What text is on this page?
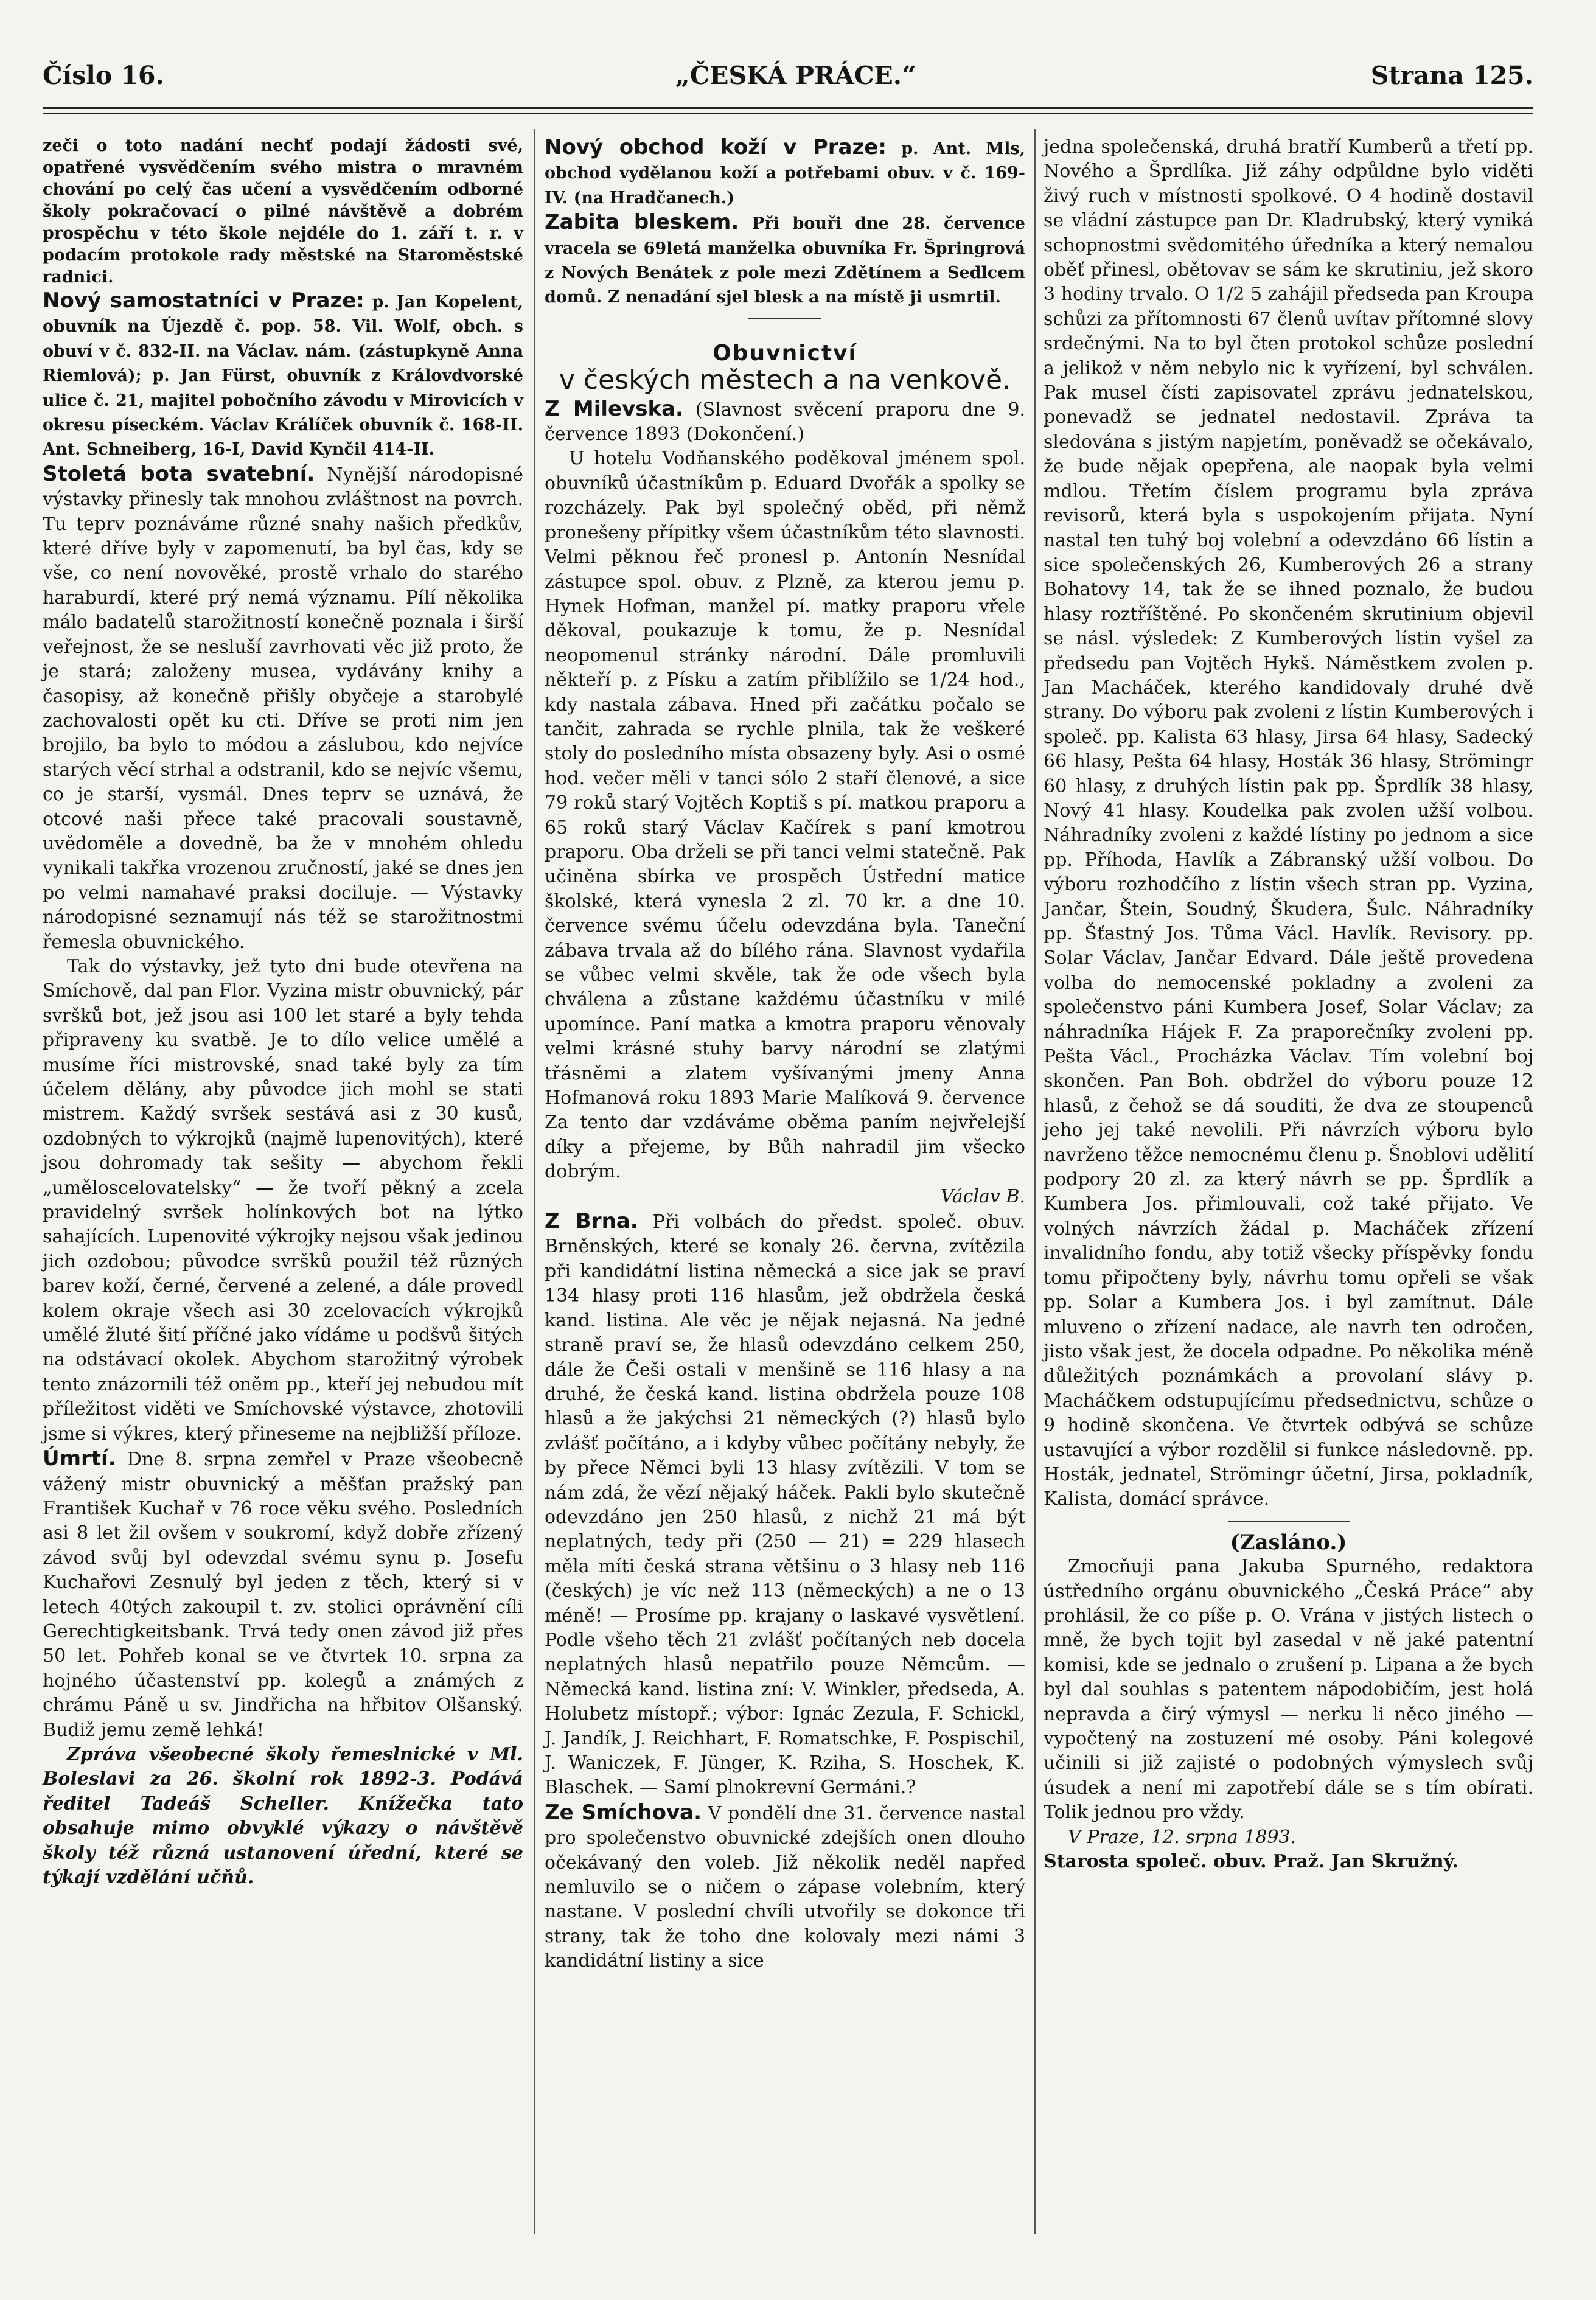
Číslo 16.	„ČESKÁ PRÁCE.“	Strana 125.

zeči o toto nadání nechť podají žádosti své, opatřené vysvědčením svého mistra o mravném chování po celý čas učení a vysvědčením odborné školy pokračovací o pilné návštěvě a dobrém prospěchu v této škole nejdéle do 1. září t. r. v podacím protokole rady městské na Staroměstské radnici.

Nový samostatníci v Praze: p. Jan Kopelent, obuvník na Újezdě č. pop. 58. Vil. Wolf, obch. s obuví v č. 832-II. na Václav. nám. (zástupkyně Anna Riemlová); p. Jan Fürst, obuvník z Královdvorské ulice č. 21, majitel pobočního závodu v Mirovicích v okresu píseckém. Václav Králíček obuvník č. 168-II. Ant. Schneiberg, 16-I, David Kynčil 414-II.

Stoletá bota svatební. Nynější národopisné výstavky přinesly tak mnohou zvláštnost na povrch. Tu teprv poznáváme různé snahy našich předkův, které dříve byly v zapomenutí, ba byl čas, kdy se vše, co není novověké, prostě vrhalo do starého haraburdí, které prý nemá významu. Pílí několika málo badatelů starožitností konečně poznala i širší veřejnost, že se nesluší zavrhovati věc již proto, že je stará; založeny musea, vydávány knihy a časopisy, až konečně přišly obyčeje a starobylé zachovalosti opět ku cti. Dříve se proti nim jen brojilo, ba bylo to módou a záslubou, kdo nejvíce starých věcí strhal a odstranil, kdo se nejvíc všemu, co je starší, vysmál. Dnes teprv se uznává, že otcové naši přece také pracovali soustavně, uvědoměle a dovedně, ba že v mnohém ohledu vynikali takřka vrozenou zručností, jaké se dnes jen po velmi namahavé praksi dociluje. — Výstavky národopisné seznamují nás též se starožitnostmi řemesla obuvnického.

Tak do výstavky, jež tyto dni bude otevřena na Smíchově, dal pan Flor. Vyzina mistr obuvnický, pár svršků bot, jež jsou asi 100 let staré a byly tehda připraveny ku svatbě. Je to dílo velice umělé a musíme říci mistrovské, snad také byly za tím účelem dělány, aby původce jich mohl se stati mistrem. Každý svršek sestává asi z 30 kusů, ozdobných to výkrojků (najmě lupenovitých), které jsou dohromady tak sešity — abychom řekli „uměloscelovatelsky“ — že tvoří pěkný a zcela pravidelný svršek holínkových bot na lýtko sahajících. Lupenovité výkrojky nejsou však jedinou jich ozdobou; původce svršků použil též různých barev koží, černé, červené a zelené, a dále provedl kolem okraje všech asi 30 zcelovacích výkrojků umělé žluté šití příčné jako vídáme u podšvů šitých na odstávací okolek. Abychom starožitný výrobek tento znázornili též oněm pp., kteří jej nebudou mít příležitost viděti ve Smíchovské výstavce, zhotovili jsme si výkres, který přineseme na nejbližší příloze.

Úmrtí. Dne 8. srpna zemřel v Praze všeobecně vážený mistr obuvnický a měšťan pražský pan František Kuchař v 76 roce věku svého. Posledních asi 8 let žil ovšem v soukromí, když dobře zřízený závod svůj byl odevzdal svému synu p. Josefu Kuchařovi Zesnulý byl jeden z těch, který si v letech 40tých zakoupil t. zv. stolici oprávnění cíli Gerechtigkeitsbank. Trvá tedy onen závod již přes 50 let. Pohřeb konal se ve čtvrtek 10. srpna za hojného účastenství pp. kolegů a známých z chrámu Páně u sv. Jindřicha na hřbitov Olšanský. Budiž jemu země lehká!

Zpráva všeobecné školy řemeslnické v Ml. Boleslavi za 26. školní rok 1892-3. Podává ředitel Tadeáš Scheller. Knížečka tato obsahuje mimo obvyklé výkazy o návštěvě školy též různá ustanovení úřední, které se týkají vzdělání učňů.

Nový obchod koží v Praze: p. Ant. Mls, obchod vydělanou koží a potřebami obuv. v č. 169-IV. (na Hradčanech.)

Zabita bleskem. Při bouři dne 28. července vracela se 69letá manželka obuvníka Fr. Špringrová z Nových Benátek z pole mezi Zdětínem a Sedlcem domů. Z nenadání sjel blesk a na místě ji usmrtil.

Obuvnictví
v českých městech a na venkově.

Z Milevska. (Slavnost svěcení praporu dne 9. července 1893 (Dokončení.)

U hotelu Vodňanského poděkoval jménem spol. obuvníků účastníkům p. Eduard Dvořák a spolky se rozcházely. Pak byl společný oběd, při němž pronešeny přípitky všem účastníkům této slavnosti. Velmi pěknou řeč pronesl p. Antonín Nesnídal zástupce spol. obuv. z Plzně, za kterou jemu p. Hynek Hofman, manžel pí. matky praporu vřele děkoval, poukazuje k tomu, že p. Nesnídal neopomenul stránky národní. Dále promluvili někteří p. z Písku a zatím přiblížilo se 1/24 hod., kdy nastala zábava. Hned při začátku počalo se tančit, zahrada se rychle plnila, tak že veškeré stoly do posledního místa obsazeny byly. Asi o osmé hod. večer měli v tanci sólo 2 staří členové, a sice 79 roků starý Vojtěch Koptiš s pí. matkou praporu a 65 roků starý Václav Kačírek s paní kmotrou praporu. Oba drželi se při tanci velmi statečně. Pak učiněna sbírka ve prospěch Ústřední matice školské, která vynesla 2 zl. 70 kr. a dne 10. července svému účelu odevzdána byla. Taneční zábava trvala až do bílého rána. Slavnost vydařila se vůbec velmi skvěle, tak že ode všech byla chválena a zůstane každému účastníku v milé upomínce. Paní matka a kmotra praporu věnovaly velmi krásné stuhy barvy národní se zlatými třásněmi a zlatem vyšívanými jmeny Anna Hofmanová roku 1893 Marie Malíková 9. července Za tento dar vzdáváme oběma paním nejvřelejší díky a přejeme, by Bůh nahradil jim všecko dobrým.

Václav B.

Z Brna. Při volbách do předst. společ. obuv. Brněnských, které se konaly 26. června, zvítězila při kandidátní listina německá a sice jak se praví 134 hlasy proti 116 hlasům, jež obdržela česká kand. listina. Ale věc je nějak nejasná. Na jedné straně praví se, že hlasů odevzdáno celkem 250, dále že Češi ostali v menšině se 116 hlasy a na druhé, že česká kand. listina obdržela pouze 108 hlasů a že jakýchsi 21 německých (?) hlasů bylo zvlášť počítáno, a i kdyby vůbec počítány nebyly, že by přece Němci byli 13 hlasy zvítězili. V tom se nám zdá, že vězí nějaký háček. Pakli bylo skutečně odevzdáno jen 250 hlasů, z nichž 21 má být neplatných, tedy při (250 — 21) = 229 hlasech měla míti česká strana většinu o 3 hlasy neb 116 (českých) je víc než 113 (německých) a ne o 13 méně! — Prosíme pp. krajany o laskavé vysvětlení. Podle všeho těch 21 zvlášť počítaných neb docela neplatných hlasů nepatřilo pouze Němcům. — Německá kand. listina zní: V. Winkler, předseda, A. Holubetz místopř.; výbor: Ignác Zezula, F. Schickl, J. Jandík, J. Reichhart, F. Romatschke, F. Pospischil, J. Waniczek, F. Jünger, K. Rziha, S. Hoschek, K. Blaschek. — Samí plnokrevní Germáni.?

Ze Smíchova. V pondělí dne 31. července nastal pro společenstvo obuvnické zdejších onen dlouho očekávaný den voleb. Již několik neděl napřed nemluvilo se o ničem o zápase volebním, který nastane. V poslední chvíli utvořily se dokonce tři strany, tak že toho dne kolovaly mezi námi 3 kandidátní listiny a sice

jedna společenská, druhá bratří Kumberů a třetí pp. Nového a Šprdlíka. Již záhy odpůldne bylo viděti živý ruch v místnosti spolkové. O 4 hodině dostavil se vládní zástupce pan Dr. Kladrubský, který vyniká schopnostmi svědomitého úředníka a který nemalou oběť přinesl, obětovav se sám ke skrutiniu, jež skoro 3 hodiny trvalo. O 1/2 5 zahájil předseda pan Kroupa schůzi za přítomnosti 67 členů uvítav přítomné slovy srdečnými. Na to byl čten protokol schůze poslední a jelikož v něm nebylo nic k vyřízení, byl schválen. Pak musel čísti zapisovatel zprávu jednatelskou, ponevadž se jednatel nedostavil. Zpráva ta sledována s jistým napjetím, poněvadž se očekávalo, že bude nějak opepřena, ale naopak byla velmi mdlou. Třetím číslem programu byla zpráva revisorů, která byla s uspokojením přijata. Nyní nastal ten tuhý boj volební a odevzdáno 66 lístin a sice společenských 26, Kumberových 26 a strany Bohatovy 14, tak že se ihned poznalo, že budou hlasy roztříštěné. Po skončeném skrutinium objevil se násl. výsledek: Z Kumberových lístin vyšel za předsedu pan Vojtěch Hykš. Náměstkem zvolen p. Jan Macháček, kterého kandidovaly druhé dvě strany. Do výboru pak zvoleni z lístin Kumberových i společ. pp. Kalista 63 hlasy, Jirsa 64 hlasy, Sadecký 66 hlasy, Pešta 64 hlasy, Hosták 36 hlasy, Strömingr 60 hlasy, z druhých lístin pak pp. Šprdlík 38 hlasy, Nový 41 hlasy. Koudelka pak zvolen užší volbou. Náhradníky zvoleni z každé lístiny po jednom a sice pp. Příhoda, Havlík a Zábranský užší volbou. Do výboru rozhodčího z lístin všech stran pp. Vyzina, Jančar, Štein, Soudný, Škudera, Šulc. Náhradníky pp. Šťastný Jos. Tůma Václ. Havlík. Revisory. pp. Solar Václav, Jančar Edvard. Dále ještě provedena volba do nemocenské pokladny a zvoleni za společenstvo páni Kumbera Josef, Solar Václav; za náhradníka Hájek F. Za praporečníky zvoleni pp. Pešta Václ., Procházka Václav. Tím volební boj skončen. Pan Boh. obdržel do výboru pouze 12 hlasů, z čehož se dá souditi, že dva ze stoupenců jeho jej také nevolili. Při návrzích výboru bylo navrženo těžce nemocnému členu p. Šnoblovi udělití podpory 20 zl. za který návrh se pp. Šprdlík a Kumbera Jos. přimlouvali, což také přijato. Ve volných návrzích žádal p. Macháček zřízení invalidního fondu, aby totiž všecky příspěvky fondu tomu připočteny byly, návrhu tomu opřeli se však pp. Solar a Kumbera Jos. i byl zamítnut. Dále mluveno o zřízení nadace, ale navrh ten odročen, jisto však jest, že docela odpadne. Po několika méně důležitých poznámkách a provolaní slávy p. Macháčkem odstupujícímu předsednictvu, schůze o 9 hodině skončena. Ve čtvrtek odbývá se schůze ustavující a výbor rozdělil si funkce následovně. pp. Hosták, jednatel, Strömingr účetní, Jirsa, pokladník, Kalista, domácí správce.

(Zasláno.)

Zmocňuji pana Jakuba Spurného, redaktora ústředního orgánu obuvnického „Česká Práce“ aby prohlásil, že co píše p. O. Vrána v jistých listech o mně, že bych tojit byl zasedal v ně jaké patentní komisi, kde se jednalo o zrušení p. Lipana a že bych byl dal souhlas s patentem nápodobičím, jest holá nepravda a čirý výmysl — nerku li něco jiného — vypočtený na zostuzení mé osoby. Páni kolegové učinili si již zajisté o podobných výmyslech svůj úsudek a není mi zapotřebí dále se s tím obírati. Tolik jednou pro vždy.

V Praze, 12. srpna 1893.

Starosta společ. obuv. Praž. Jan Skružný.
